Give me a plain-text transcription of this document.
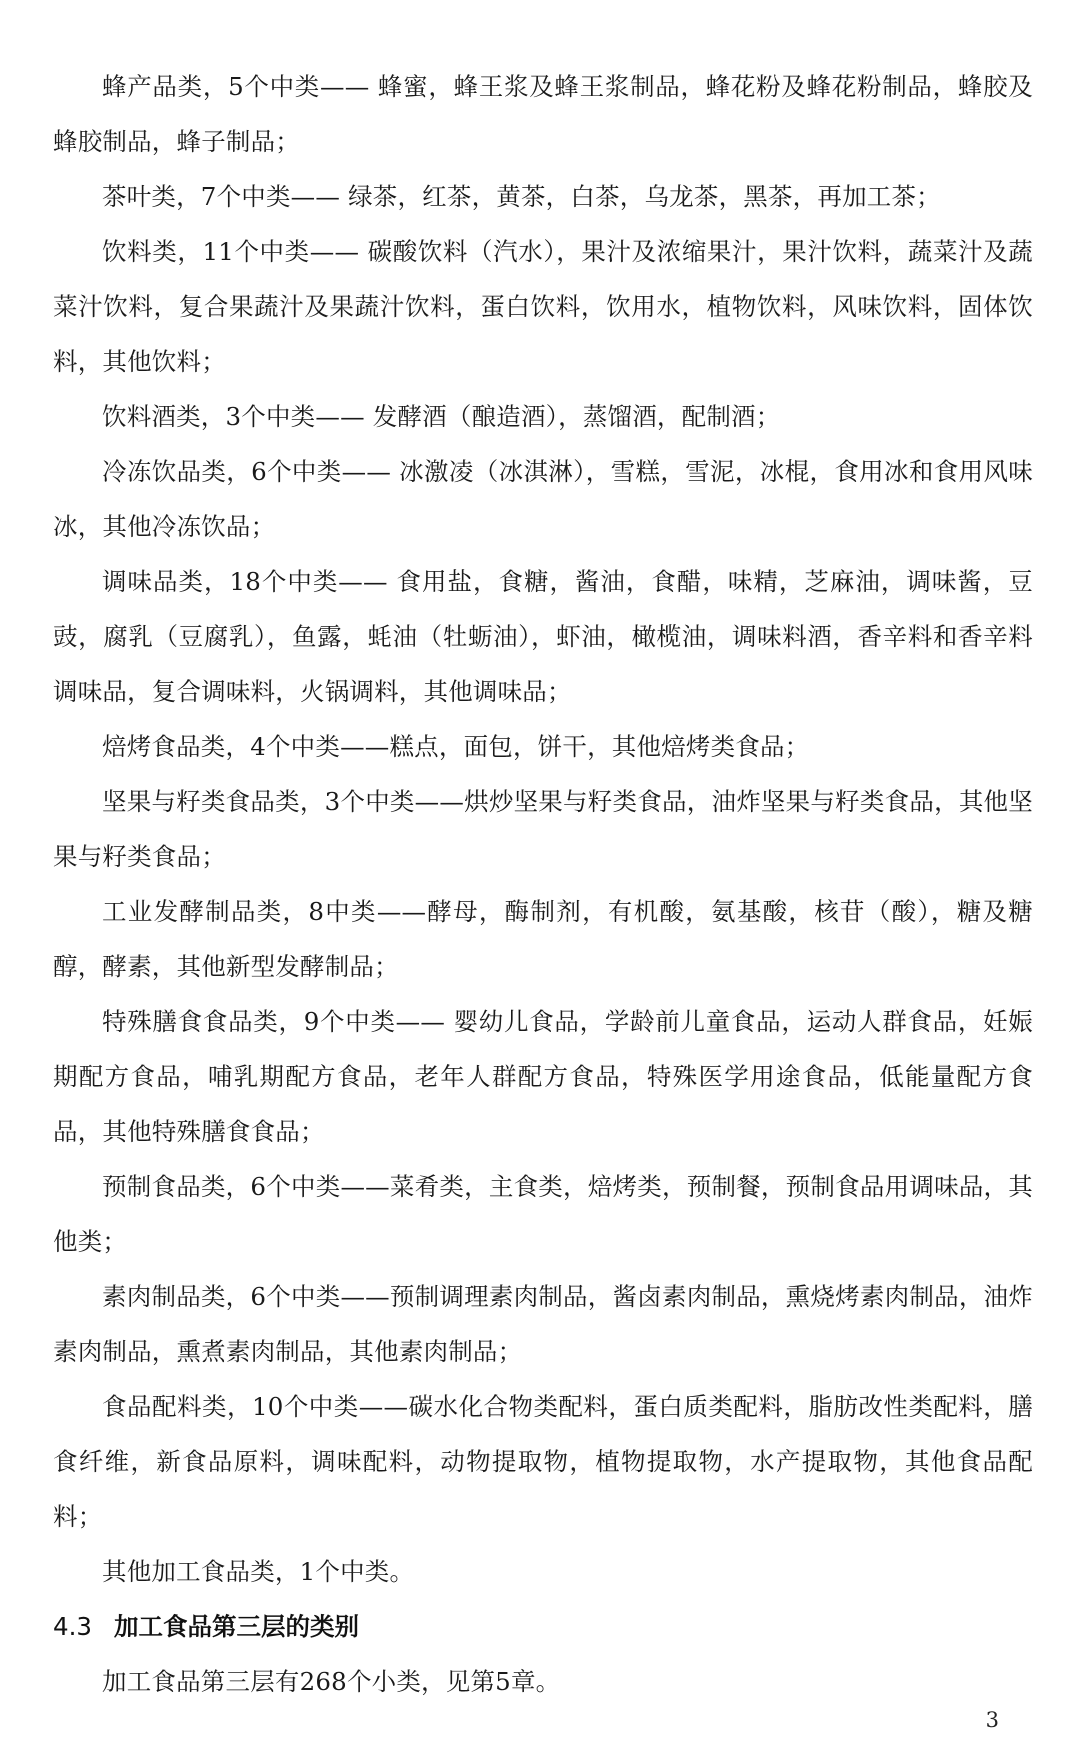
蜂产品类，5个中类—— 蜂蜜，蜂王浆及蜂王浆制品，蜂花粉及蜂花粉制品，蜂胶及蜂胶制品，蜂子制品；

茶叶类，7个中类—— 绿茶，红茶，黄茶，白茶，乌龙茶，黑茶，再加工茶；

饮料类，11个中类—— 碳酸饮料（汽水），果汁及浓缩果汁，果汁饮料，蔬菜汁及蔬菜汁饮料，复合果蔬汁及果蔬汁饮料，蛋白饮料，饮用水，植物饮料，风味饮料，固体饮料，其他饮料；

饮料酒类，3个中类—— 发酵酒（酿造酒），蒸馏酒，配制酒；

冷冻饮品类，6个中类—— 冰激凌（冰淇淋），雪糕，雪泥，冰棍，食用冰和食用风味冰，其他冷冻饮品；

调味品类，18个中类—— 食用盐，食糖，酱油，食醋，味精，芝麻油，调味酱，豆豉，腐乳（豆腐乳），鱼露，蚝油（牡蛎油），虾油，橄榄油，调味料酒，香辛料和香辛料调味品，复合调味料，火锅调料，其他调味品；

焙烤食品类，4个中类——糕点，面包，饼干，其他焙烤类食品；

坚果与籽类食品类，3个中类——烘炒坚果与籽类食品，油炸坚果与籽类食品，其他坚果与籽类食品；

工业发酵制品类，8中类——酵母，酶制剂，有机酸，氨基酸，核苷（酸），糖及糖醇，酵素，其他新型发酵制品；

特殊膳食食品类，9个中类—— 婴幼儿食品，学龄前儿童食品，运动人群食品，妊娠期配方食品，哺乳期配方食品，老年人群配方食品，特殊医学用途食品，低能量配方食品，其他特殊膳食食品；

预制食品类，6个中类——菜肴类，主食类，焙烤类，预制餐，预制食品用调味品，其他类；

素肉制品类，6个中类——预制调理素肉制品，酱卤素肉制品，熏烧烤素肉制品，油炸素肉制品，熏煮素肉制品，其他素肉制品；

食品配料类，10个中类——碳水化合物类配料，蛋白质类配料，脂肪改性类配料，膳食纤维，新食品原料，调味配料，动物提取物，植物提取物，水产提取物，其他食品配料；

其他加工食品类，1个中类。

4.3 加工食品第三层的类别

加工食品第三层有268个小类，见第5章。

3
